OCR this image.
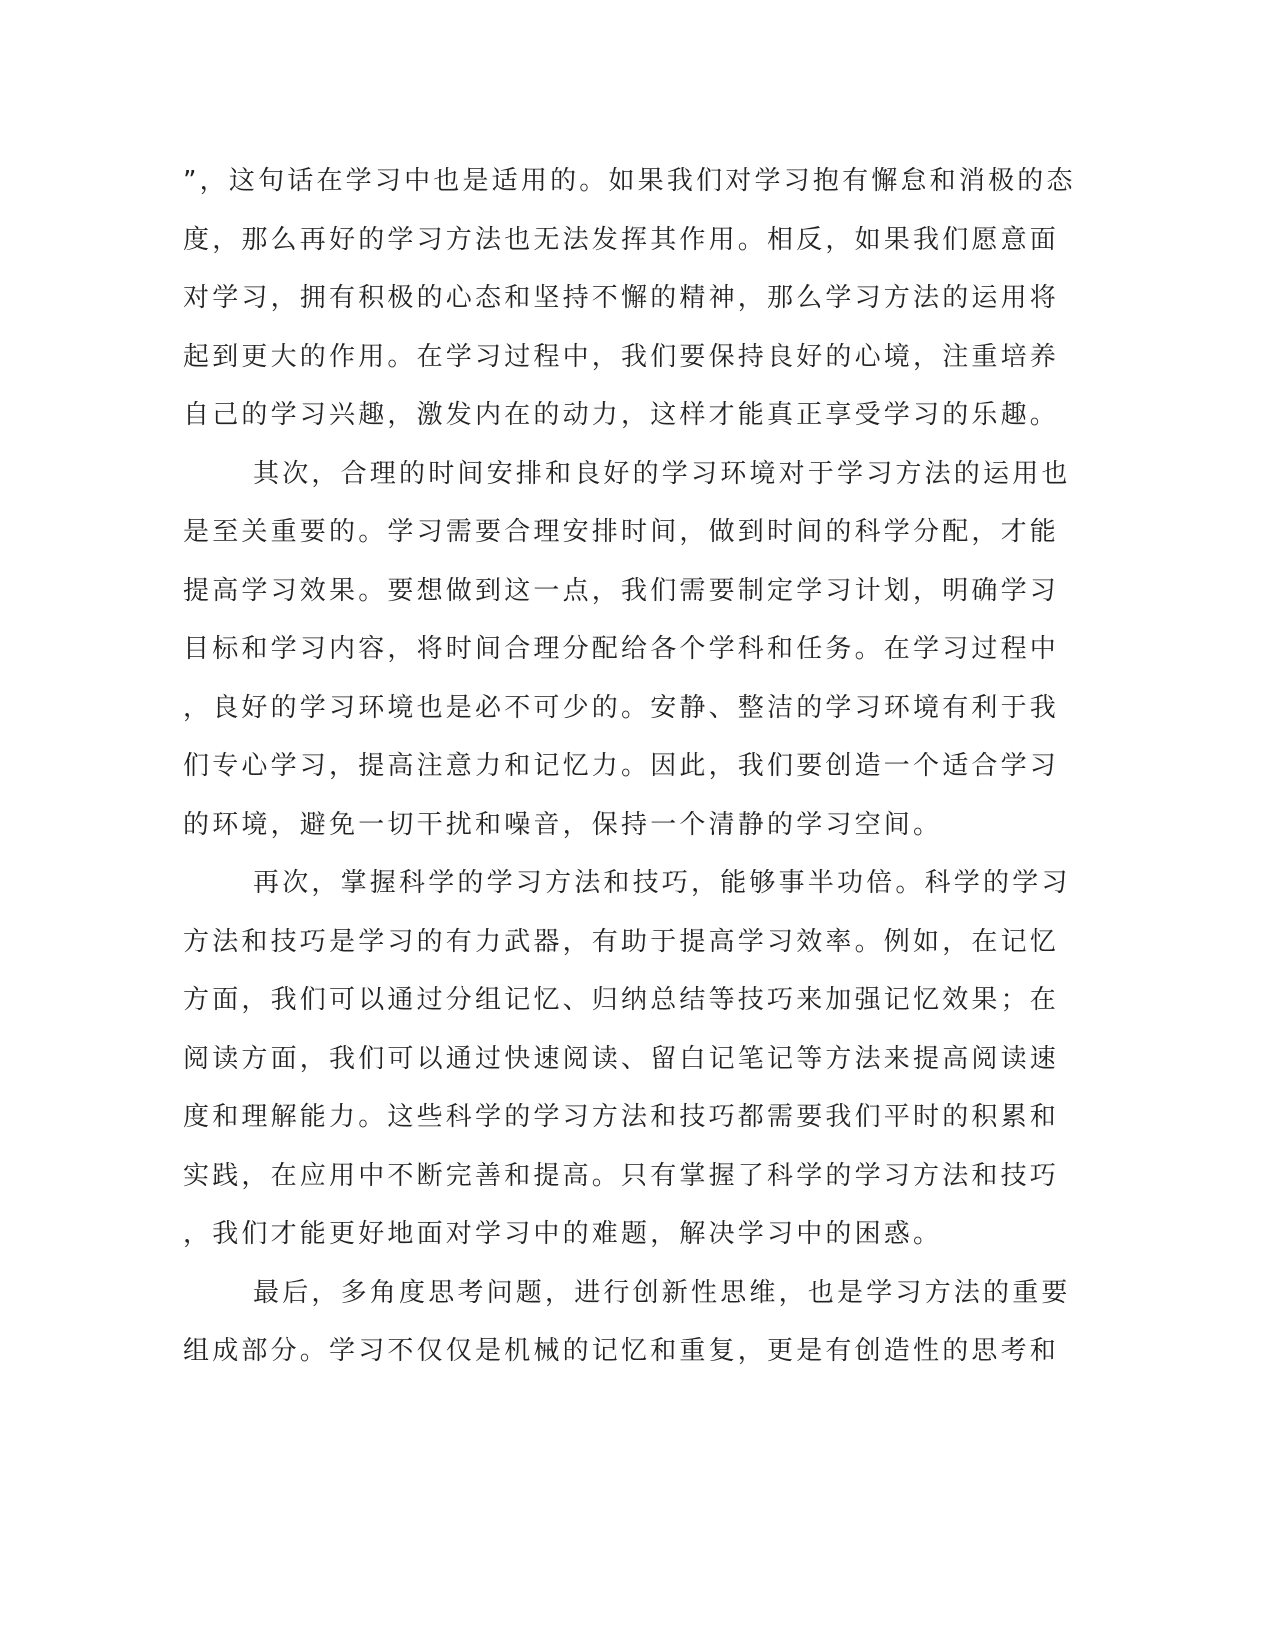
”，这句话在学习中也是适用的。如果我们对学习抱有懈怠和消极的态
度，那么再好的学习方法也无法发挥其作用。相反，如果我们愿意面
对学习，拥有积极的心态和坚持不懈的精神，那么学习方法的运用将
起到更大的作用。在学习过程中，我们要保持良好的心境，注重培养
自己的学习兴趣，激发内在的动力，这样才能真正享受学习的乐趣。
其次，合理的时间安排和良好的学习环境对于学习方法的运用也
是至关重要的。学习需要合理安排时间，做到时间的科学分配，才能
提高学习效果。要想做到这一点，我们需要制定学习计划，明确学习
目标和学习内容，将时间合理分配给各个学科和任务。在学习过程中
，良好的学习环境也是必不可少的。安静、整洁的学习环境有利于我
们专心学习，提高注意力和记忆力。因此，我们要创造一个适合学习
的环境，避免一切干扰和噪音，保持一个清静的学习空间。
再次，掌握科学的学习方法和技巧，能够事半功倍。科学的学习
方法和技巧是学习的有力武器，有助于提高学习效率。例如，在记忆
方面，我们可以通过分组记忆、归纳总结等技巧来加强记忆效果；在
阅读方面，我们可以通过快速阅读、留白记笔记等方法来提高阅读速
度和理解能力。这些科学的学习方法和技巧都需要我们平时的积累和
实践，在应用中不断完善和提高。只有掌握了科学的学习方法和技巧
，我们才能更好地面对学习中的难题，解决学习中的困惑。
最后，多角度思考问题，进行创新性思维，也是学习方法的重要
组成部分。学习不仅仅是机械的记忆和重复，更是有创造性的思考和
